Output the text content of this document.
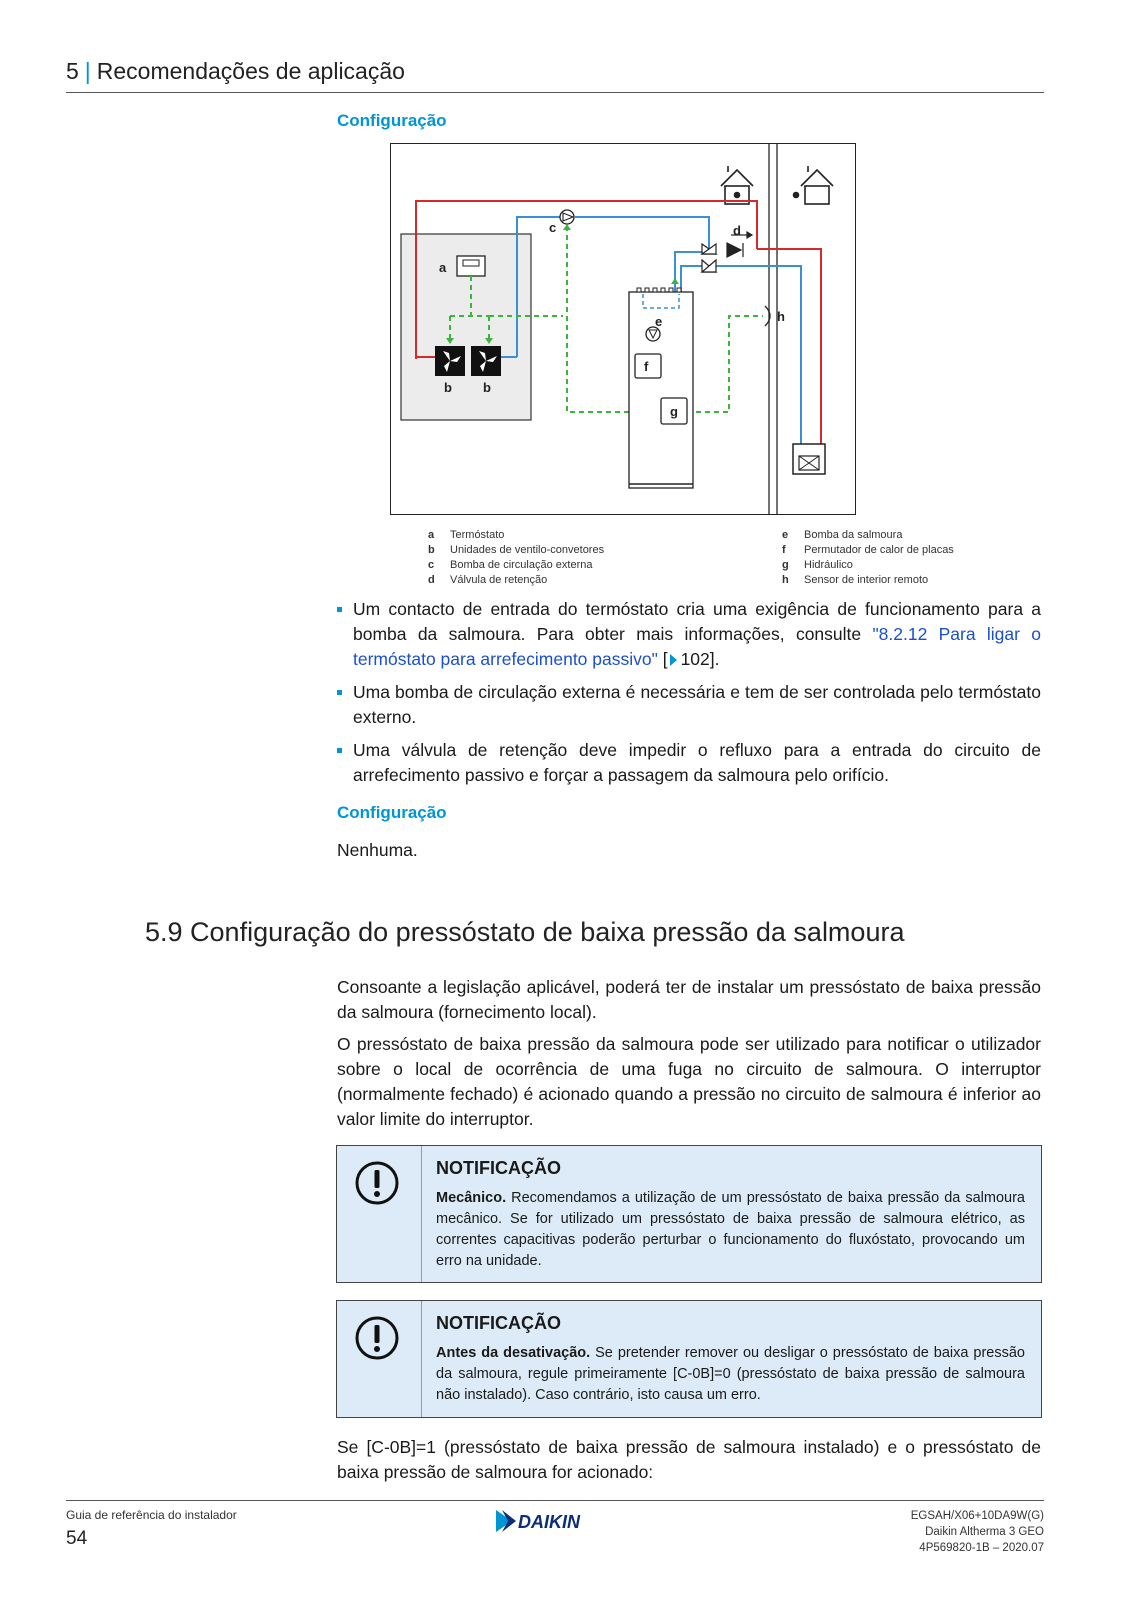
5 | Recomendações de aplicação
Configuração
a
b b
c	d
e
f
g
h
a	Termóstato
b	Unidades de ventilo-convetores
c	Bomba de circulação externa
d	Válvula de retenção
e	Bomba da salmoura
f	Permutador de calor de placas
g	Hidráulico
h	Sensor de interior remoto
Um contacto de entrada do termóstato cria uma exigência de funcionamento para a bomba da salmoura. Para obter mais informações, consulte "8.2.12 Para ligar o termóstato para arrefecimento passivo" [ 102].
Uma bomba de circulação externa é necessária e tem de ser controlada pelo termóstato externo.
Uma válvula de retenção deve impedir o refluxo para a entrada do circuito de arrefecimento passivo e forçar a passagem da salmoura pelo orifício.
Configuração
Nenhuma.
5.9 Configuração do pressóstato de baixa pressão da salmoura
Consoante a legislação aplicável, poderá ter de instalar um pressóstato de baixa pressão da salmoura (fornecimento local).
O pressóstato de baixa pressão da salmoura pode ser utilizado para notificar o utilizador sobre o local de ocorrência de uma fuga no circuito de salmoura. O interruptor (normalmente fechado) é acionado quando a pressão no circuito de salmoura é inferior ao valor limite do interruptor.
NOTIFICAÇÃO
Mecânico. Recomendamos a utilização de um pressóstato de baixa pressão da salmoura mecânico. Se for utilizado um pressóstato de baixa pressão de salmoura elétrico, as correntes capacitivas poderão perturbar o funcionamento do fluxóstato, provocando um erro na unidade.
NOTIFICAÇÃO
Antes da desativação. Se pretender remover ou desligar o pressóstato de baixa pressão da salmoura, regule primeiramente [C-0B]=0 (pressóstato de baixa pressão de salmoura não instalado). Caso contrário, isto causa um erro.
Se [C-0B]=1 (pressóstato de baixa pressão de salmoura instalado) e o pressóstato de baixa pressão de salmoura for acionado:
Guia de referência do instalador
54
DAIKIN	EGSAH/X06+10DA9W(G)
Daikin Altherma 3 GEO
4P569820-1B – 2020.07
